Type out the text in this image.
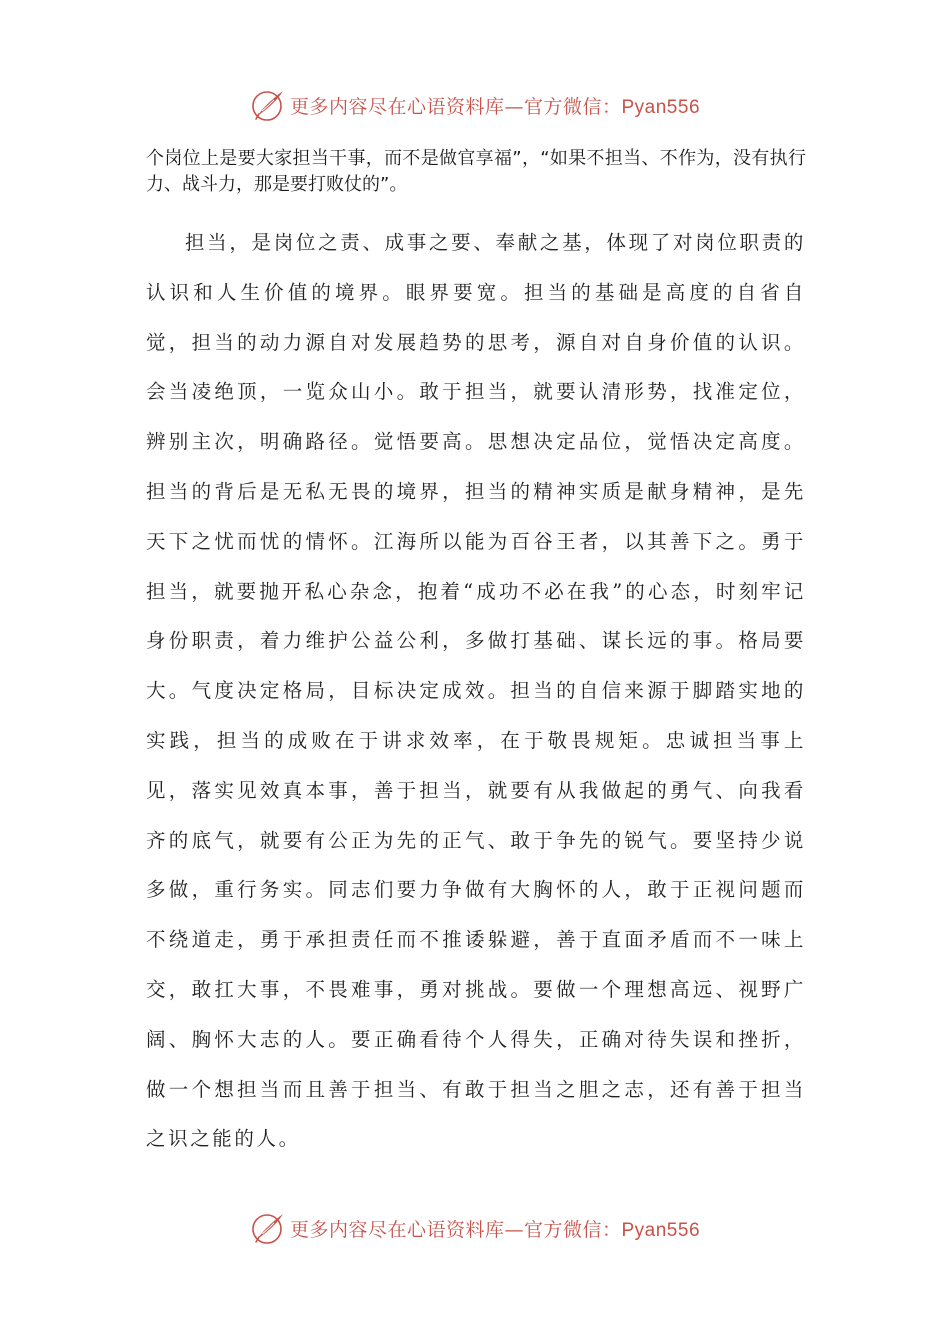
更多内容尽在心语资料库—官方微信：Pyan556

个岗位上是要大家担当干事，而不是做官享福”，“如果不担当、不作为，没有执行力、战斗力，那是要打败仗的”。

担当，是岗位之责、成事之要、奉献之基，体现了对岗位职责的认识和人生价值的境界。眼界要宽。担当的基础是高度的自省自觉，担当的动力源自对发展趋势的思考，源自对自身价值的认识。会当凌绝顶，一览众山小。敢于担当，就要认清形势，找准定位，辨别主次，明确路径。觉悟要高。思想决定品位，觉悟决定高度。担当的背后是无私无畏的境界，担当的精神实质是献身精神，是先天下之忧而忧的情怀。江海所以能为百谷王者，以其善下之。勇于担当，就要抛开私心杂念，抱着“成功不必在我”的心态，时刻牢记身份职责，着力维护公益公利，多做打基础、谋长远的事。格局要大。气度决定格局，目标决定成效。担当的自信来源于脚踏实地的实践，担当的成败在于讲求效率，在于敬畏规矩。忠诚担当事上见，落实见效真本事，善于担当，就要有从我做起的勇气、向我看齐的底气，就要有公正为先的正气、敢于争先的锐气。要坚持少说多做，重行务实。同志们要力争做有大胸怀的人，敢于正视问题而不绕道走，勇于承担责任而不推诿躲避，善于直面矛盾而不一味上交，敢扛大事，不畏难事，勇对挑战。要做一个理想高远、视野广阔、胸怀大志的人。要正确看待个人得失，正确对待失误和挫折，做一个想担当而且善于担当、有敢于担当之胆之志，还有善于担当之识之能的人。

更多内容尽在心语资料库—官方微信：Pyan556
